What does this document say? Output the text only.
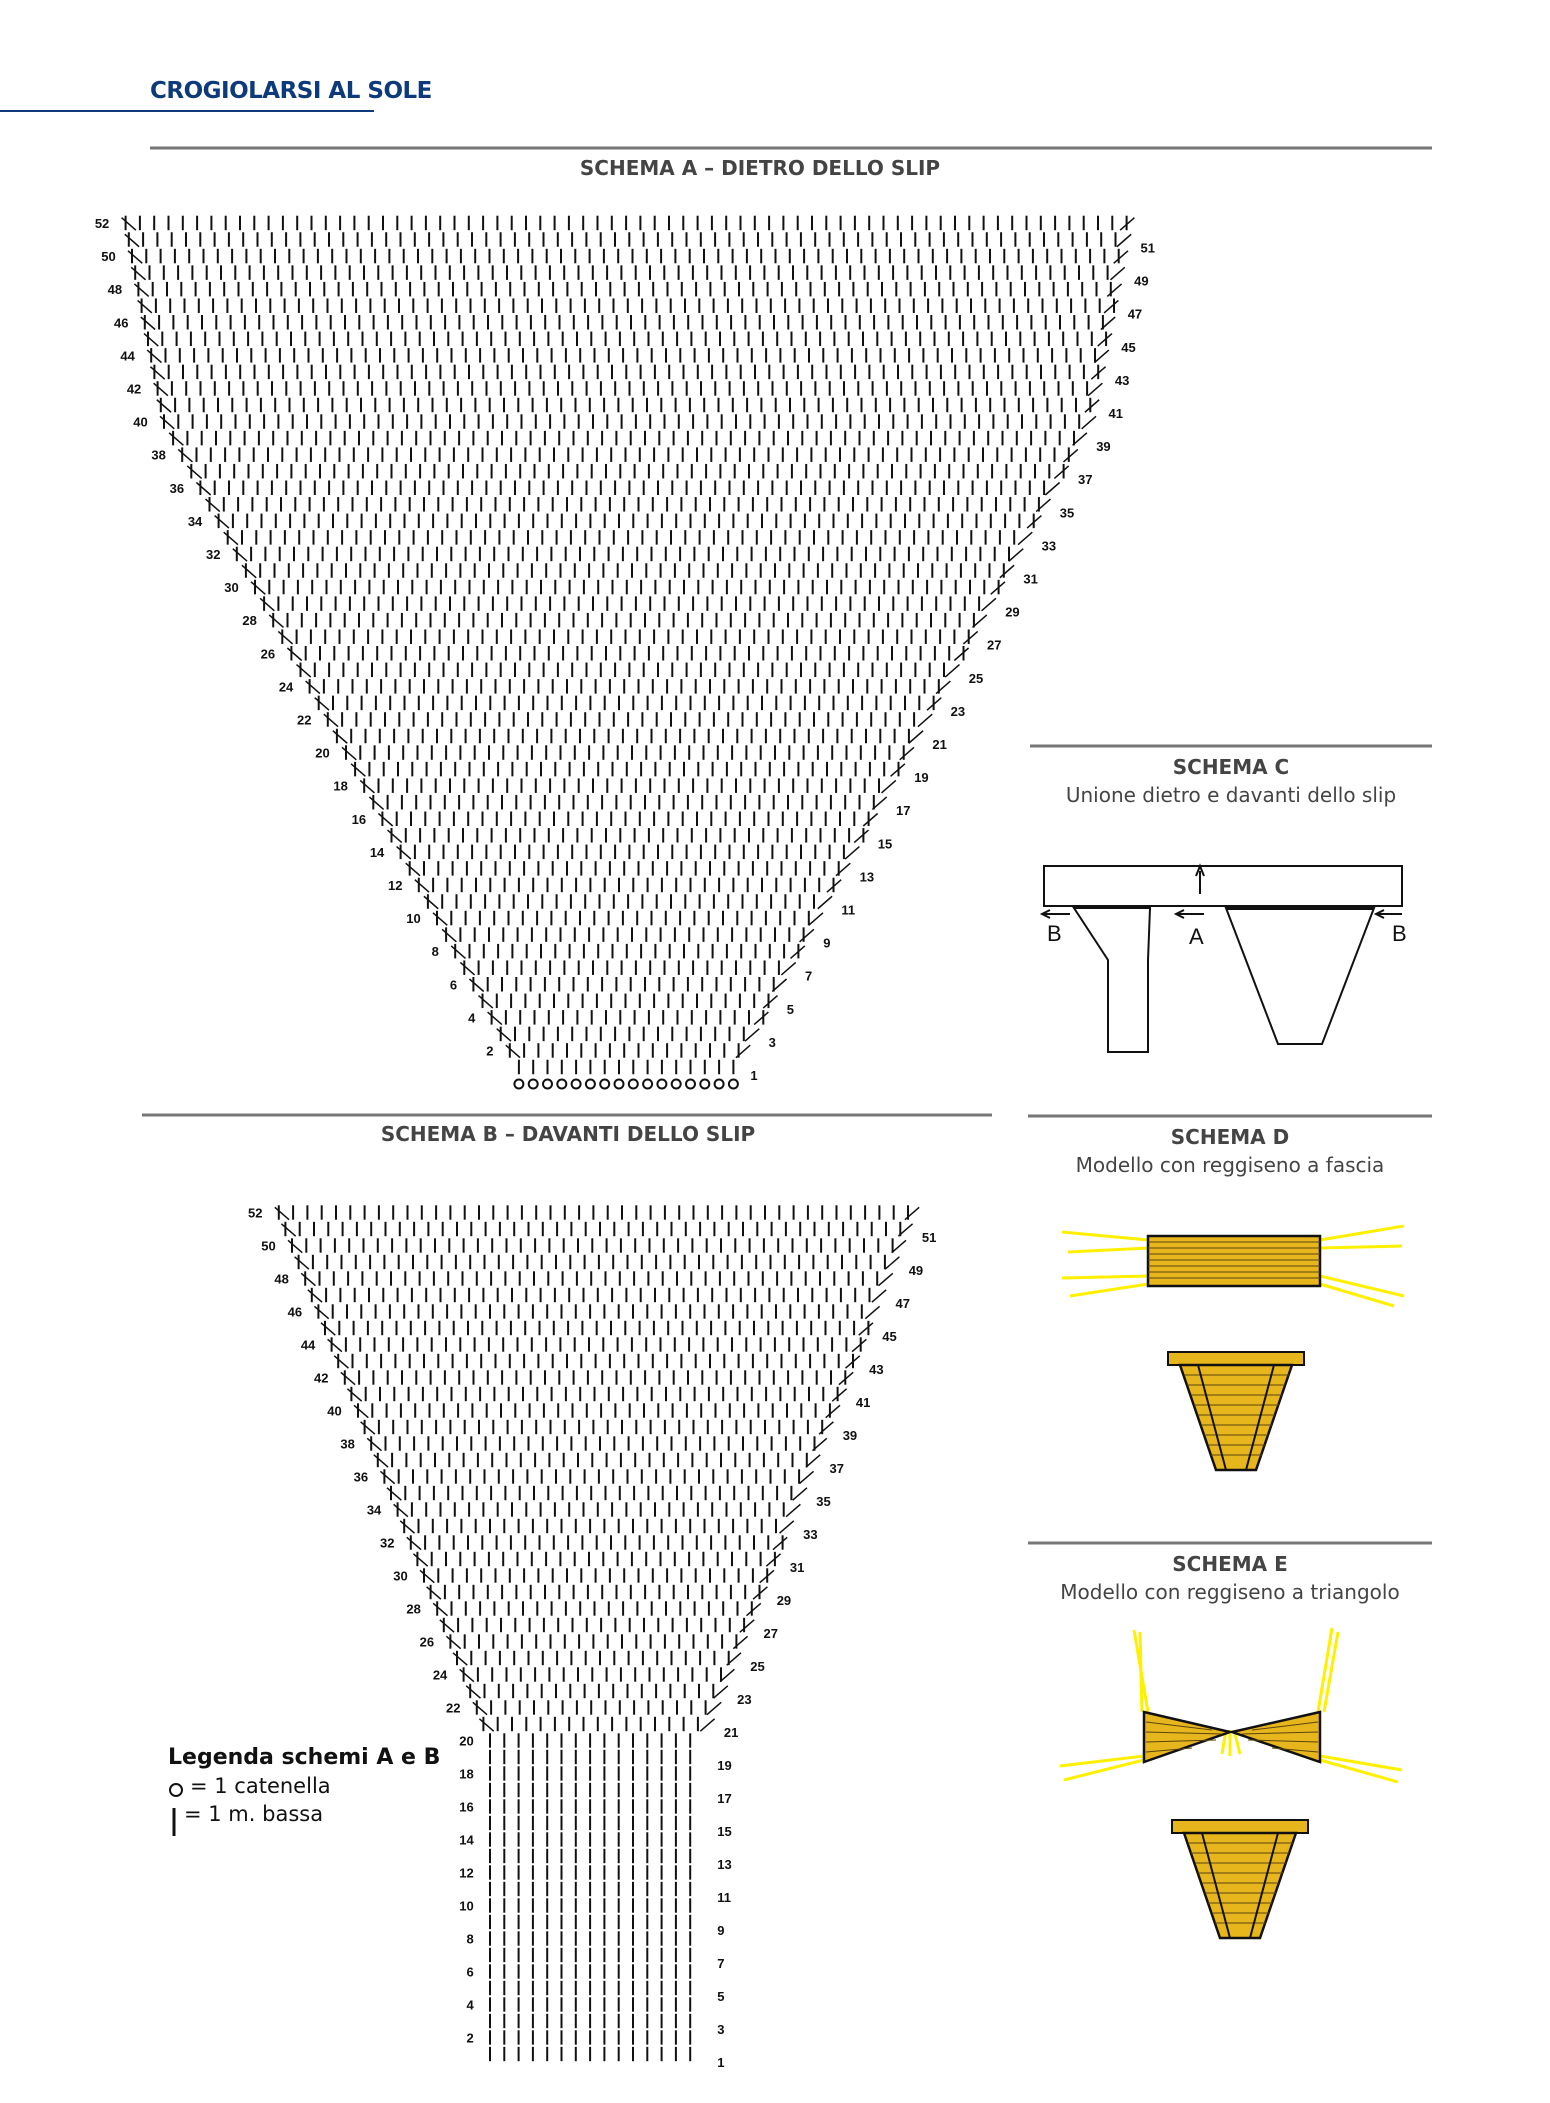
CROGIOLARSI AL SOLE
1
2
3
4
5
6
7
8
9
10
11
12
13
14
15
16
17
18
19
20
21
22
23
24
25
26
27
28
29
30
31
32
33
34
35
36
37
38
39
40
41
42
43
44
45
46
47
48
49
50
51
52
1
2
3
4
5
6
7
8
9
10
11
12
13
14
15
16
17
18
19
20
21
22
23
24
25
26
27
28
29
30
31
32
33
34
35
36
37
38
39
40
41
42
43
44
45
46
47
48
49
50
51
52
B	A	B
SCHEMA A – DIETRO DELLO SLIP
SCHEMA B – DAVANTI DELLO SLIP
SCHEMA C
Unione dietro e davanti dello slip
SCHEMA D
Modello con reggiseno a fascia
SCHEMA E
Modello con reggiseno a triangolo
Legenda schemi A e B
= 1 catenella
= 1 m. bassa
